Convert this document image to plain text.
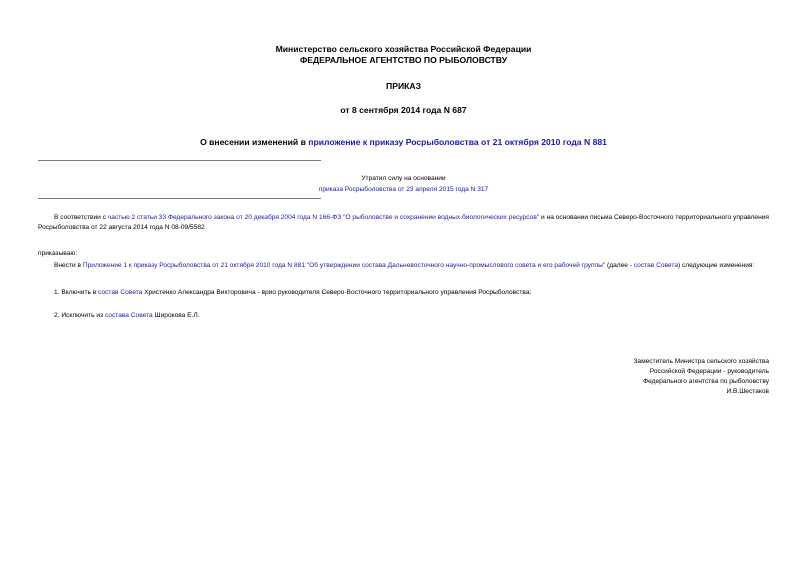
Министерство сельского хозяйства Российской Федерации
ФЕДЕРАЛЬНОЕ АГЕНТСТВО ПО РЫБОЛОВСТВУ
ПРИКАЗ
от 8 сентября 2014 года N 687
О внесении изменений в приложение к приказу Росрыболовства от 21 октября 2010 года N 881
Утратил силу на основании
приказа Росрыболовства от 23 апреля 2015 года N 317
В соответствии с частью 2 статьи 33 Федерального закона от 20 декабря 2004 года N 166-ФЗ "О рыболовстве и сохранении водных биологических ресурсов" и на основании письма Северо-Восточного территориального управления Росрыболовства от 22 августа 2014 года N 08-09/5582
приказываю:
Внести в Приложение 1 к приказу Росрыболовства от 21 октября 2010 года N 881 "Об утверждении состава Дальневосточного научно-промыслового совета и его рабочей группы" (далее - состав Совета) следующие изменения:
1. Включить в состав Совета Христенко Александра Викторовича - врио руководителя Северо-Восточного территориального управления Росрыболовства;
2. Исключить из состава Совета Широкова Е.Л.
Заместитель Министра сельского хозяйства
Российской Федерации - руководитель
Федерального агентства по рыболовству
И.В.Шестаков
